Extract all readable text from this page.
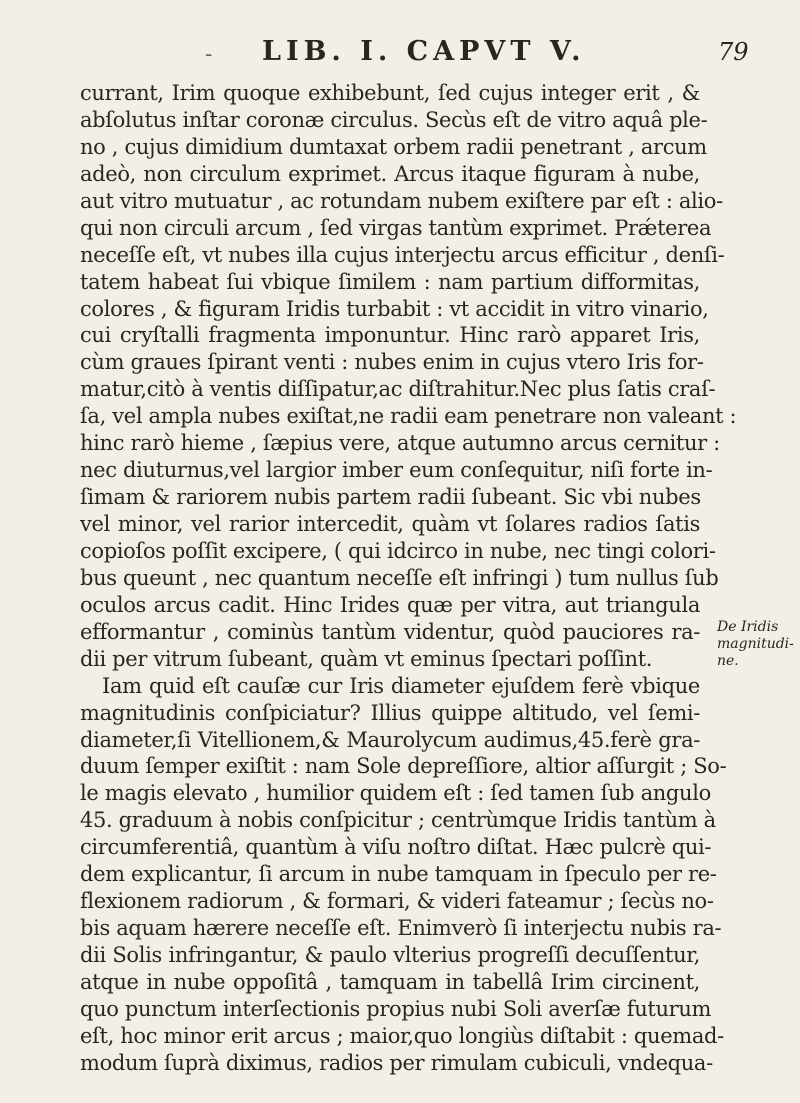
- LIB. I. CAPVT V.	79
currant, Irim quoque exhibebunt, ſed cujus integer erit , &
abſolutus inſtar coronæ circulus. Secùs eſt de vitro aquâ ple-
no , cujus dimidium dumtaxat orbem radii penetrant , arcum
adeò, non circulum exprimet. Arcus itaque figuram à nube,
aut vitro mutuatur , ac rotundam nubem exiſtere par eſt : alio-
qui non circuli arcum , ſed virgas tantùm exprimet. Prǽterea
neceſſe eſt, vt nubes illa cujus interjectu arcus efficitur , denſi-
tatem habeat ſui vbique ſimilem : nam partium difformitas,
colores , & figuram Iridis turbabit : vt accidit in vitro vinario,
cui cryſtalli fragmenta imponuntur. Hinc rarò apparet Iris,
cùm graues ſpirant venti : nubes enim in cujus vtero Iris for-
matur,citò à ventis diſſipatur,ac diſtrahitur.Nec plus ſatis craſ-
ſa, vel ampla nubes exiſtat,ne radii eam penetrare non valeant :
hinc rarò hieme , ſæpius vere, atque autumno arcus cernitur :
nec diuturnus,vel largior imber eum conſequitur, niſi forte in-
ſimam & rariorem nubis partem radii ſubeant. Sic vbi nubes
vel minor, vel rarior intercedit, quàm vt ſolares radios ſatis
copioſos poſſit excipere, ( qui idcirco in nube, nec tingi colori-
bus queunt , nec quantum neceſſe eſt infringi ) tum nullus ſub
oculos arcus cadit. Hinc Irides quæ per vitra, aut triangula
efformantur , cominùs tantùm videntur, quòd pauciores ra-
dii per vitrum ſubeant, quàm vt eminus ſpectari poſſint.
Iam quid eſt cauſæ cur Iris diameter ejuſdem ferè vbique
magnitudinis conſpiciatur? Illius quippe altitudo, vel ſemi-
diameter,ſi Vitellionem,& Maurolycum audimus,45.ferè gra-
duum ſemper exiſtit : nam Sole depreſſiore, altior aſſurgit ; So-
le magis elevato , humilior quidem eſt : ſed tamen ſub angulo
45. graduum à nobis conſpicitur ; centrùmque Iridis tantùm à
circumferentiâ, quantùm à viſu noſtro diſtat. Hæc pulcrè qui-
dem explicantur, ſi arcum in nube tamquam in ſpeculo per re-
flexionem radiorum , & formari, & videri fateamur ; ſecùs no-
bis aquam hærere neceſſe eſt. Enimverò ſi interjectu nubis ra-
dii Solis infringantur, & paulo vlterius progreſſi decuſſentur,
atque in nube oppoſitâ , tamquam in tabellâ Irim circinent,
quo punctum interſectionis propius nubi Soli averſæ futurum
eſt, hoc minor erit arcus ; maior,quo longiùs diſtabit : quemad-
modum ſuprà diximus, radios per rimulam cubiculi, vndequa-
De Iridis
magnitudi-
ne.
